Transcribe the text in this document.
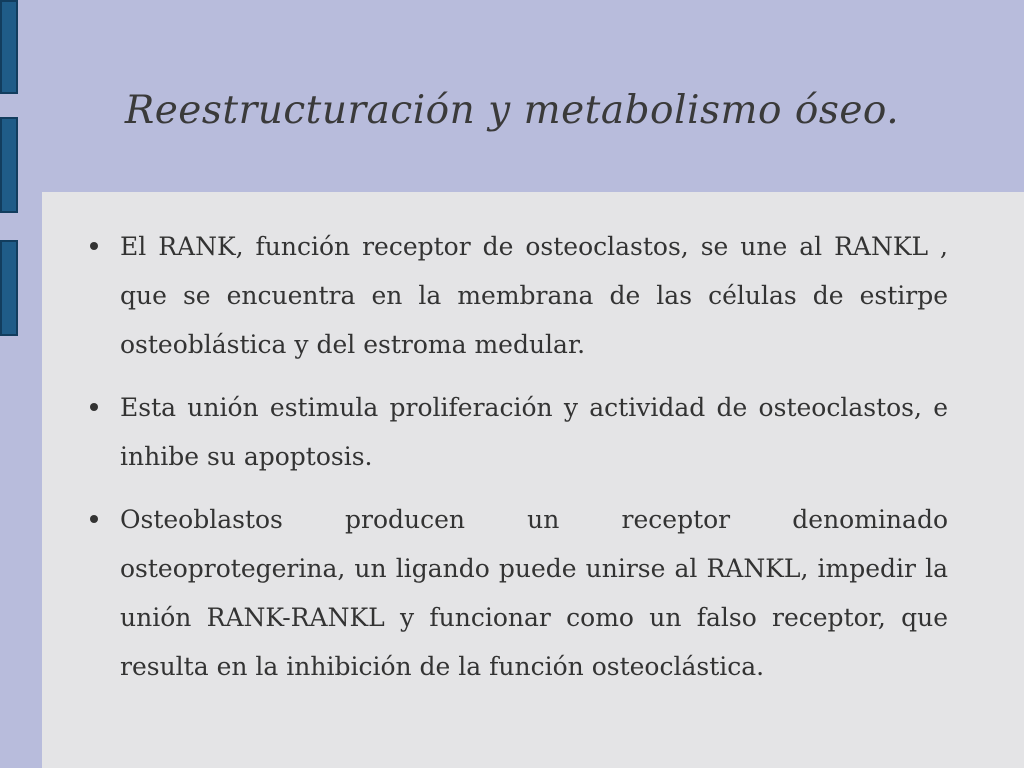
Reestructuración y metabolismo óseo.
El RANK, función receptor de osteoclastos, se une al RANKL , que se encuentra en la membrana de las células de estirpe osteoblástica y del estroma medular.
Esta unión estimula proliferación y actividad de osteoclastos, e inhibe su apoptosis.
Osteoblastos producen un receptor denominado osteoprotegerina, un ligando puede unirse al RANKL, impedir la unión RANK-RANKL y funcionar como un falso receptor, que resulta en la inhibición de la función osteoclástica.
